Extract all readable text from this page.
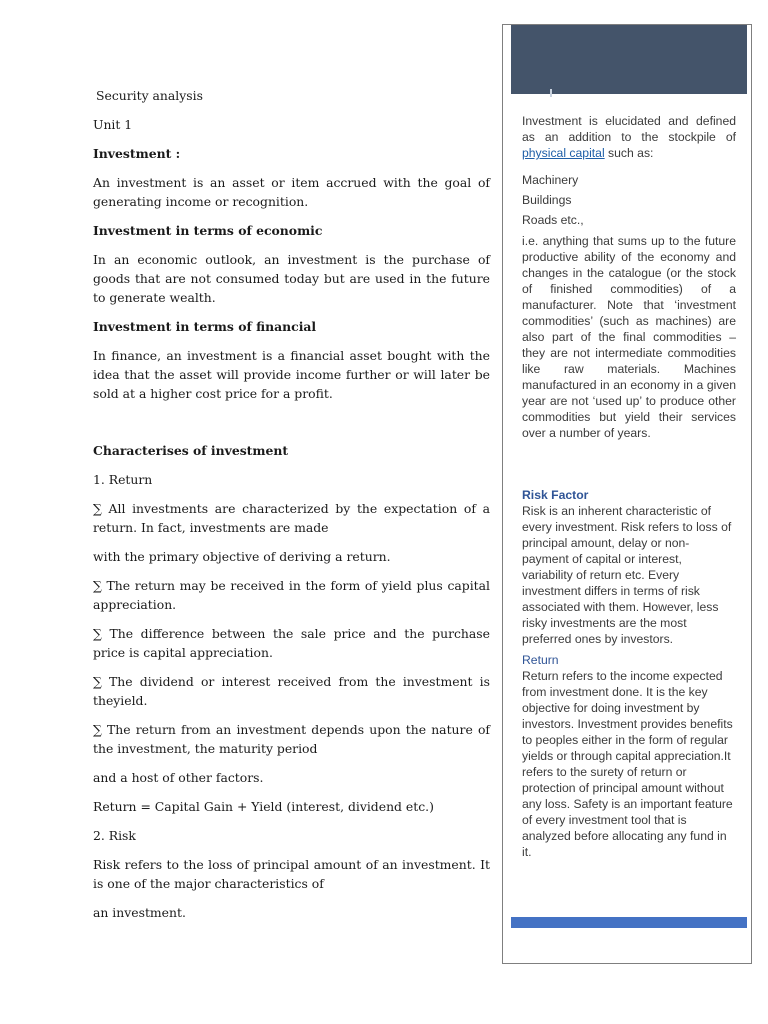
Security analysis

Unit 1

Investment :

An investment is an asset or item accrued with the goal of generating income or recognition.

Investment in terms of economic

In an economic outlook, an investment is the purchase of goods that are not consumed today but are used in the future to generate wealth.

Investment in terms of financial

In finance, an investment is a financial asset bought with the idea that the asset will provide income further or will later be sold at a higher cost price for a profit.

Characterises of investment

1. Return

∑ All investments are characterized by the expectation of a return. In fact, investments are made

with the primary objective of deriving a return.

∑ The return may be received in the form of yield plus capital appreciation.

∑ The difference between the sale price and the purchase price is capital appreciation.

∑ The dividend or interest received from the investment is theyield.

∑ The return from an investment depends upon the nature of the investment, the maturity period

and a host of other factors.

Return = Capital Gain + Yield (interest, dividend etc.)

2. Risk

Risk refers to the loss of principal amount of an investment. It is one of the major characteristics of

an investment.

Investment is elucidated and defined as an addition to the stockpile of physical capital such as:

Machinery

Buildings

Roads etc.,

i.e. anything that sums up to the future productive ability of the economy and changes in the catalogue (or the stock of finished commodities) of a manufacturer. Note that ‘investment commodities’ (such as machines) are also part of the final commodities – they are not intermediate commodities like raw materials. Machines manufactured in an economy in a given year are not ‘used up’ to produce other commodities but yield their services over a number of years.
Risk Factor
Risk is an inherent characteristic of every investment. Risk refers to loss of principal amount, delay or non-payment of capital or interest, variability of return etc. Every investment differs in terms of risk associated with them. However, less risky investments are the most preferred ones by investors.
Return
Return refers to the income expected from investment done. It is the key objective for doing investment by investors. Investment provides benefits to peoples either in the form of regular yields or through capital appreciation.It refers to the surety of return or protection of principal amount without any loss. Safety is an important feature of every investment tool that is analyzed before allocating any fund in it.
